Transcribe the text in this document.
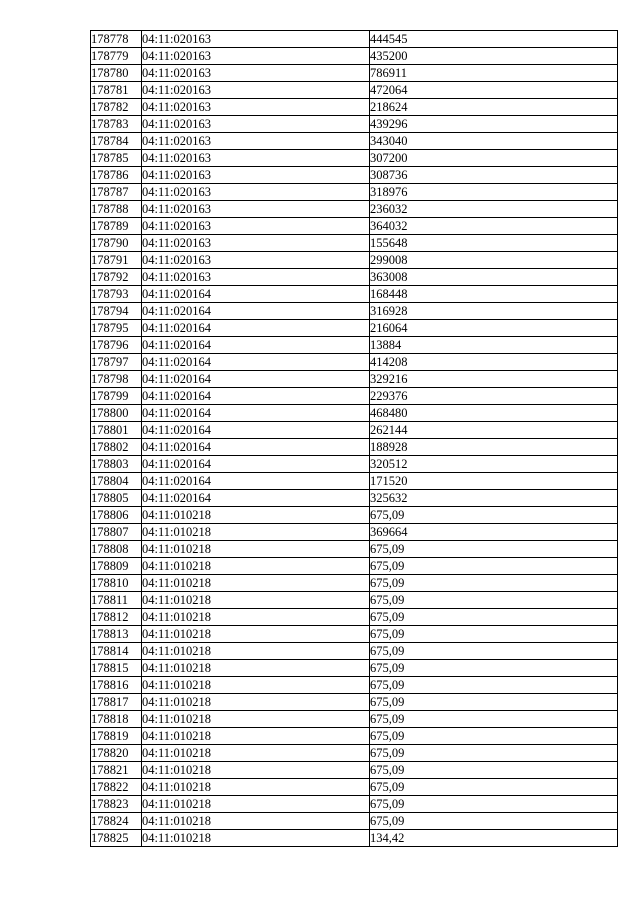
178778	04:11:020163	444545
178779	04:11:020163	435200
178780	04:11:020163	786911
178781	04:11:020163	472064
178782	04:11:020163	218624
178783	04:11:020163	439296
178784	04:11:020163	343040
178785	04:11:020163	307200
178786	04:11:020163	308736
178787	04:11:020163	318976
178788	04:11:020163	236032
178789	04:11:020163	364032
178790	04:11:020163	155648
178791	04:11:020163	299008
178792	04:11:020163	363008
178793	04:11:020164	168448
178794	04:11:020164	316928
178795	04:11:020164	216064
178796	04:11:020164	13884
178797	04:11:020164	414208
178798	04:11:020164	329216
178799	04:11:020164	229376
178800	04:11:020164	468480
178801	04:11:020164	262144
178802	04:11:020164	188928
178803	04:11:020164	320512
178804	04:11:020164	171520
178805	04:11:020164	325632
178806	04:11:010218	675,09
178807	04:11:010218	369664
178808	04:11:010218	675,09
178809	04:11:010218	675,09
178810	04:11:010218	675,09
178811	04:11:010218	675,09
178812	04:11:010218	675,09
178813	04:11:010218	675,09
178814	04:11:010218	675,09
178815	04:11:010218	675,09
178816	04:11:010218	675,09
178817	04:11:010218	675,09
178818	04:11:010218	675,09
178819	04:11:010218	675,09
178820	04:11:010218	675,09
178821	04:11:010218	675,09
178822	04:11:010218	675,09
178823	04:11:010218	675,09
178824	04:11:010218	675,09
178825	04:11:010218	134,42
